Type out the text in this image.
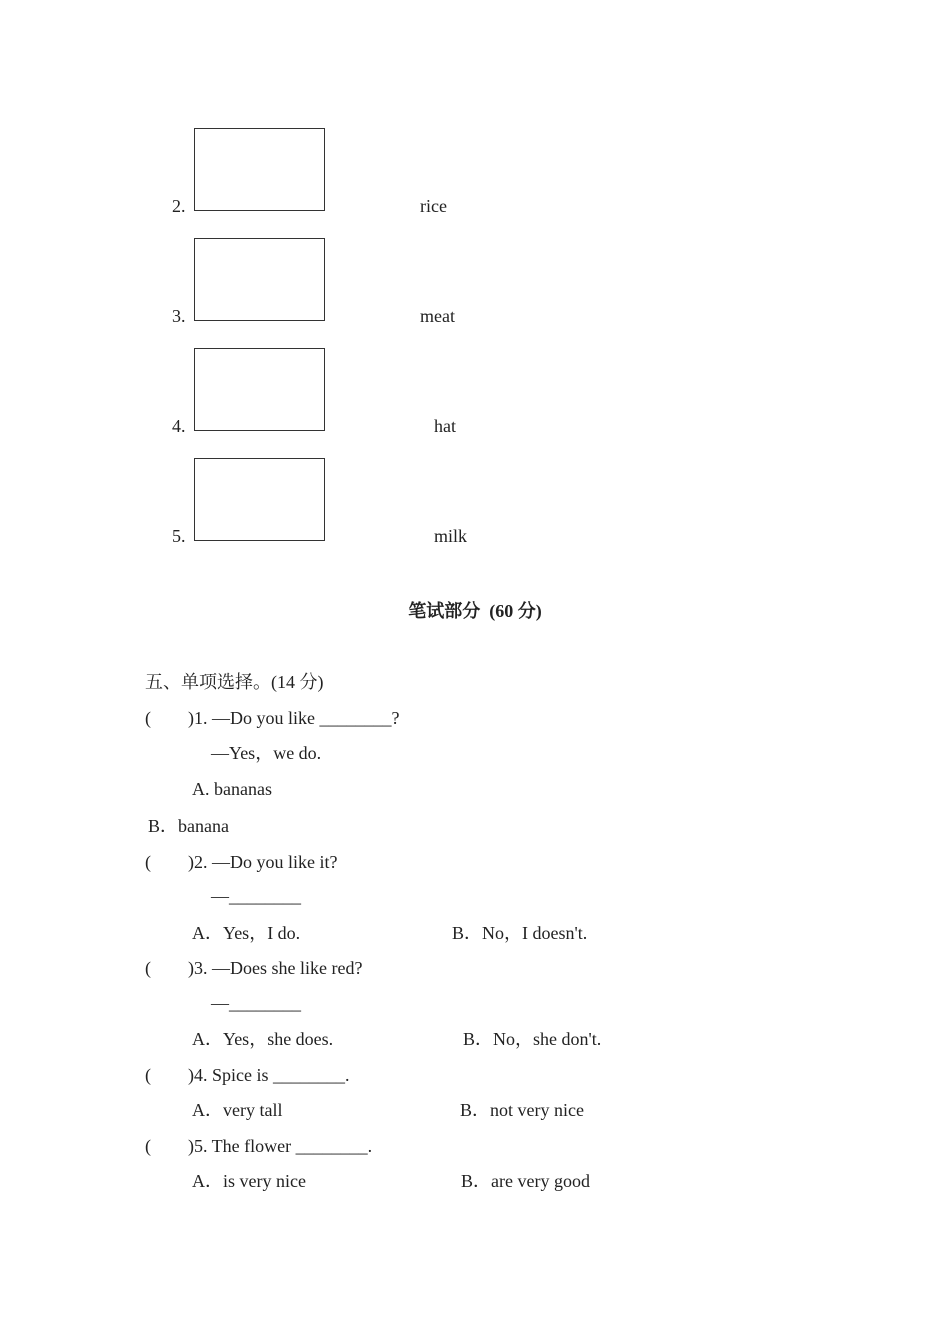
2.	rice
3.	meat
4.	hat
5.	milk
笔试部分  (60 分)
五、单项选择。(14 分)
( )1. —Do you like ________?
—Yes，we do.
A. bananas
B．banana
( )2. —Do you like it?
—________
A．Yes，I do.	B．No，I doesn't.
( )3. —Does she like red?
—________
A．Yes，she does.	B．No，she don't.
( )4. Spice is ________.
A．very tall	B．not very nice
( )5. The flower ________.
A．is very nice	B．are very good
